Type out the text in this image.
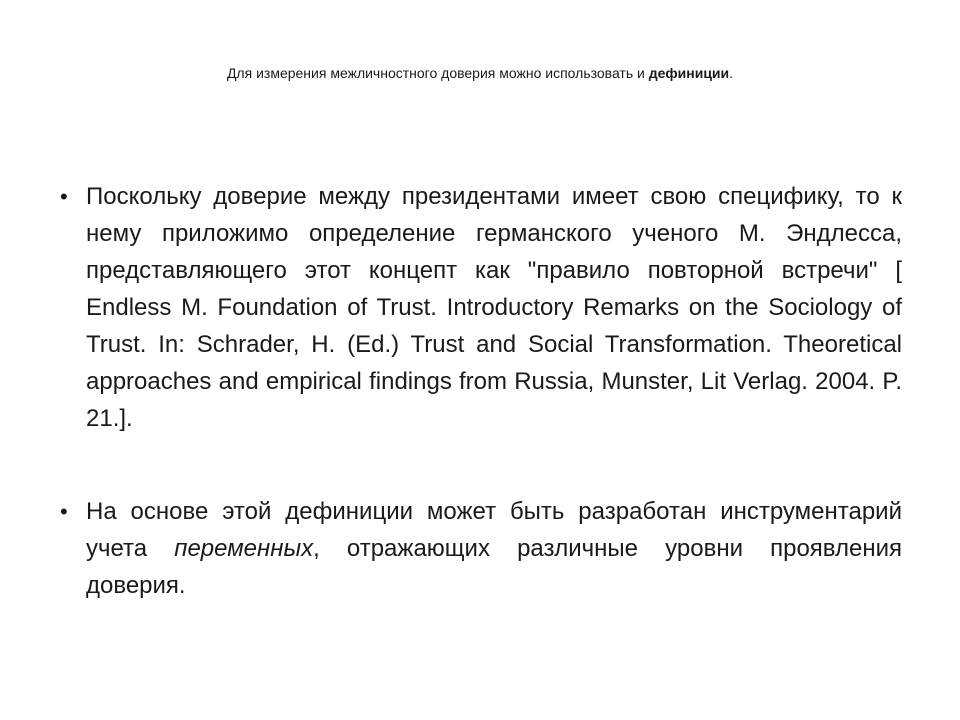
Для измерения межличностного доверия можно использовать и дефиниции.
• Поскольку доверие между президентами имеет свою специфику, то к нему приложимо определение германского ученого М. Эндлесса, представляющего этот концепт как "правило повторной встречи" [ Endless M. Foundation of Trust. Introductory Remarks on the Sociology of Trust. In: Schrader, H. (Ed.) Trust and Social Transformation. Theoretical approaches and empirical findings from Russia, Munster, Lit Verlag. 2004. P. 21.].
• На основе этой дефиниции может быть разработан инструментарий учета переменных, отражающих различные уровни проявления доверия.
